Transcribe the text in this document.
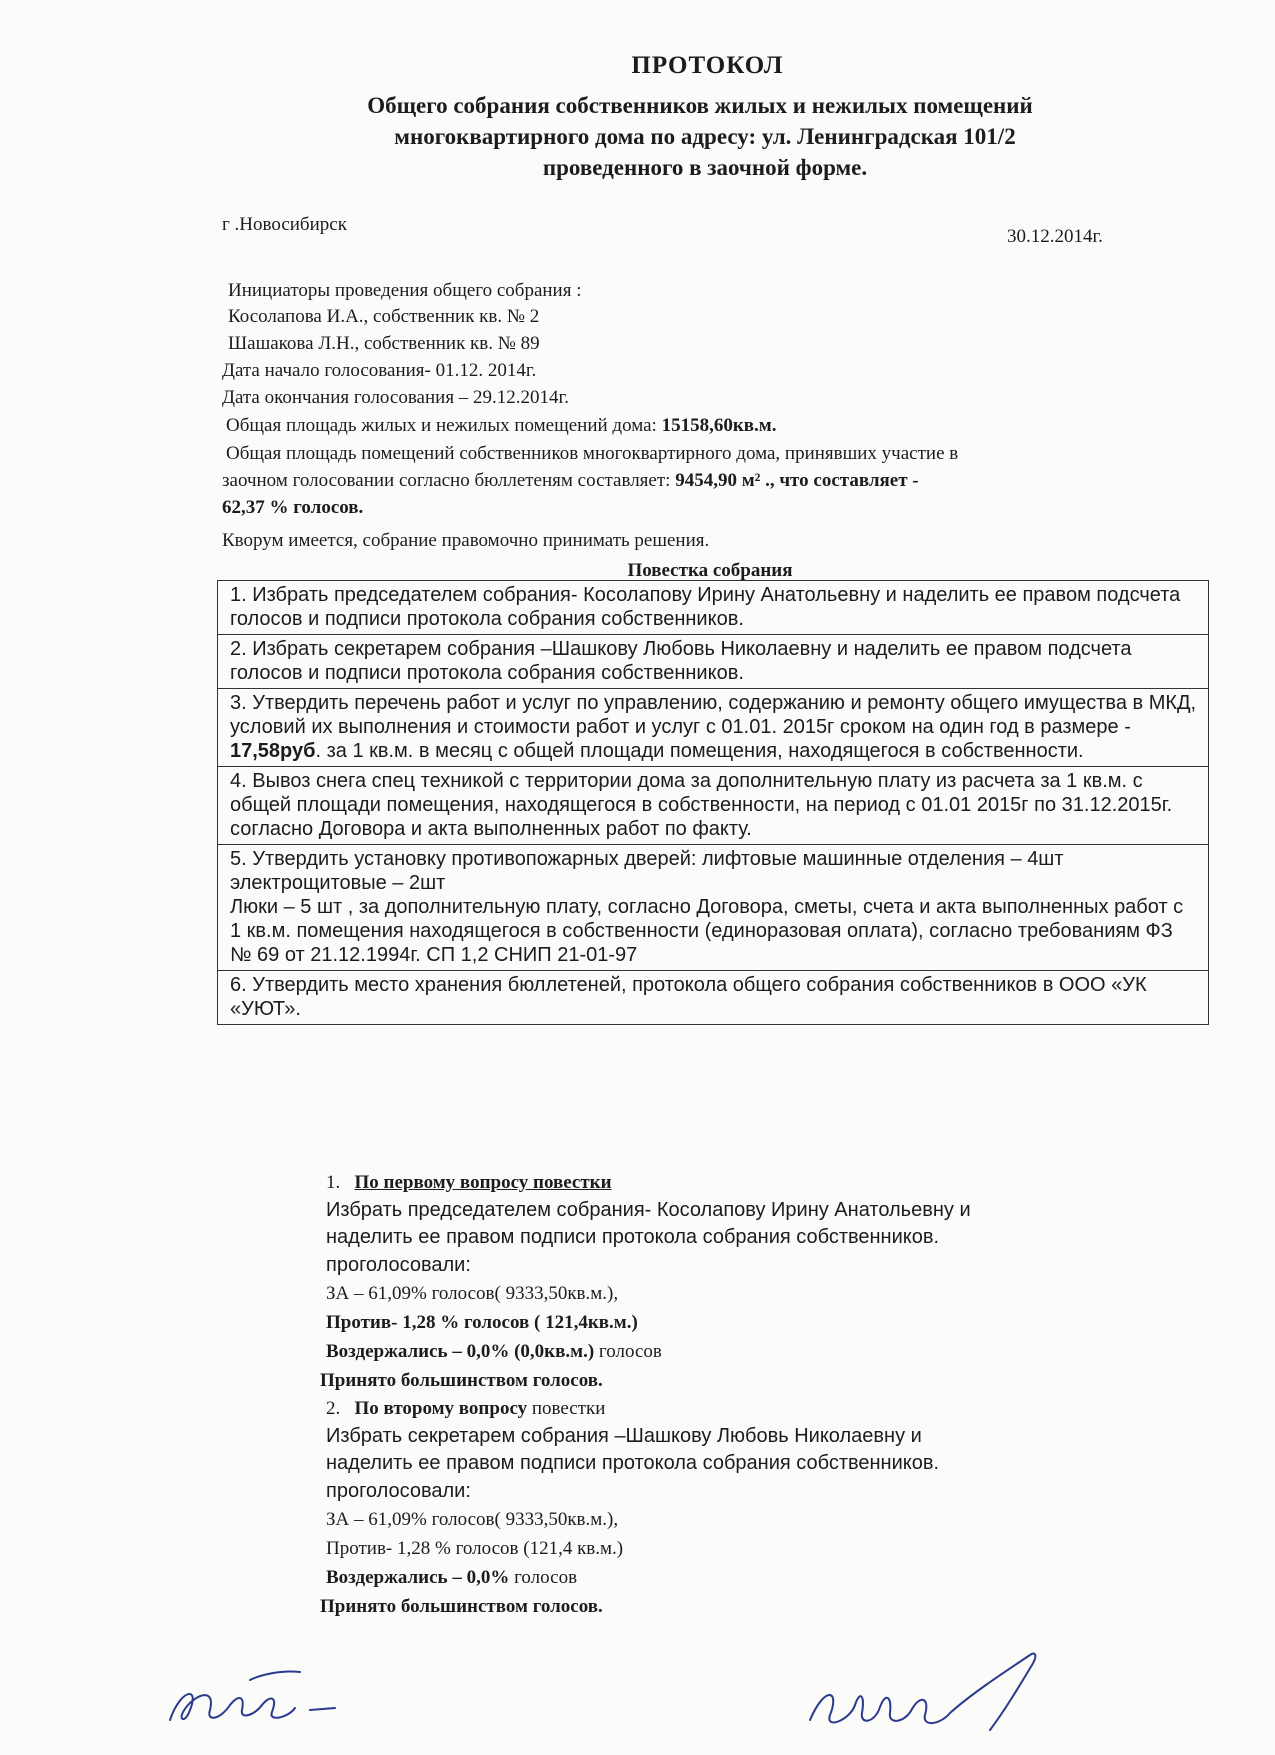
ПРОТОКОЛ
Общего собрания собственников жилых и нежилых помещений
многоквартирного дома по адресу: ул. Ленинградская 101/2
проведенного в заочной форме.
г .Новосибирск
30.12.2014г.
Инициаторы проведения общего собрания :
Косолапова И.А., собственник кв. № 2
Шашакова Л.Н., собственник кв. № 89
Дата начало голосования- 01.12. 2014г.
Дата окончания голосования – 29.12.2014г.
Общая площадь жилых и нежилых помещений дома: 15158,60кв.м.
Общая площадь помещений собственников многоквартирного дома, принявших участие в
заочном голосовании согласно бюллетеням составляет: 9454,90 м² ., что составляет -
62,37 % голосов.
Кворум имеется, собрание правомочно принимать решения.
Повестка собрания
1. Избрать председателем собрания- Косолапову Ирину Анатольевну и наделить ее правом подсчета голосов и подписи протокола собрания собственников.
2. Избрать секретарем собрания –Шашкову Любовь Николаевну и наделить ее правом подсчета голосов и подписи протокола собрания собственников.
3. Утвердить перечень работ и услуг по управлению, содержанию и ремонту общего имущества в МКД, условий их выполнения и стоимости работ и услуг с 01.01. 2015г сроком на один год в размере - 17,58руб. за 1 кв.м. в месяц с общей площади помещения, находящегося в собственности.
4. Вывоз снега спец техникой с территории дома за дополнительную плату из расчета за 1 кв.м. с общей площади помещения, находящегося в собственности, на период с 01.01 2015г по 31.12.2015г. согласно Договора и акта выполненных работ по факту.
5. Утвердить установку противопожарных дверей: лифтовые машинные отделения – 4шт электрощитовые – 2шт
Люки – 5 шт , за дополнительную плату, согласно Договора, сметы, счета и акта выполненных работ с 1 кв.м. помещения находящегося в собственности (единоразовая оплата), согласно требованиям ФЗ № 69 от 21.12.1994г. СП 1,2 СНИП 21-01-97
6. Утвердить место хранения бюллетеней, протокола общего собрания собственников в ООО «УК «УЮТ».
1. По первому вопросу повестки
Избрать председателем собрания- Косолапову Ирину Анатольевну и
наделить ее правом подписи протокола собрания собственников.
проголосовали:
ЗА – 61,09% голосов( 9333,50кв.м.),
Против- 1,28 % голосов ( 121,4кв.м.)
Воздержались – 0,0% (0,0кв.м.) голосов
Принято большинством голосов.
2. По второму вопросу повестки
Избрать секретарем собрания –Шашкову Любовь Николаевну и
наделить ее правом подписи протокола собрания собственников.
проголосовали:
ЗА – 61,09% голосов( 9333,50кв.м.),
Против- 1,28 % голосов (121,4 кв.м.)
Воздержались – 0,0% голосов
Принято большинством голосов.
